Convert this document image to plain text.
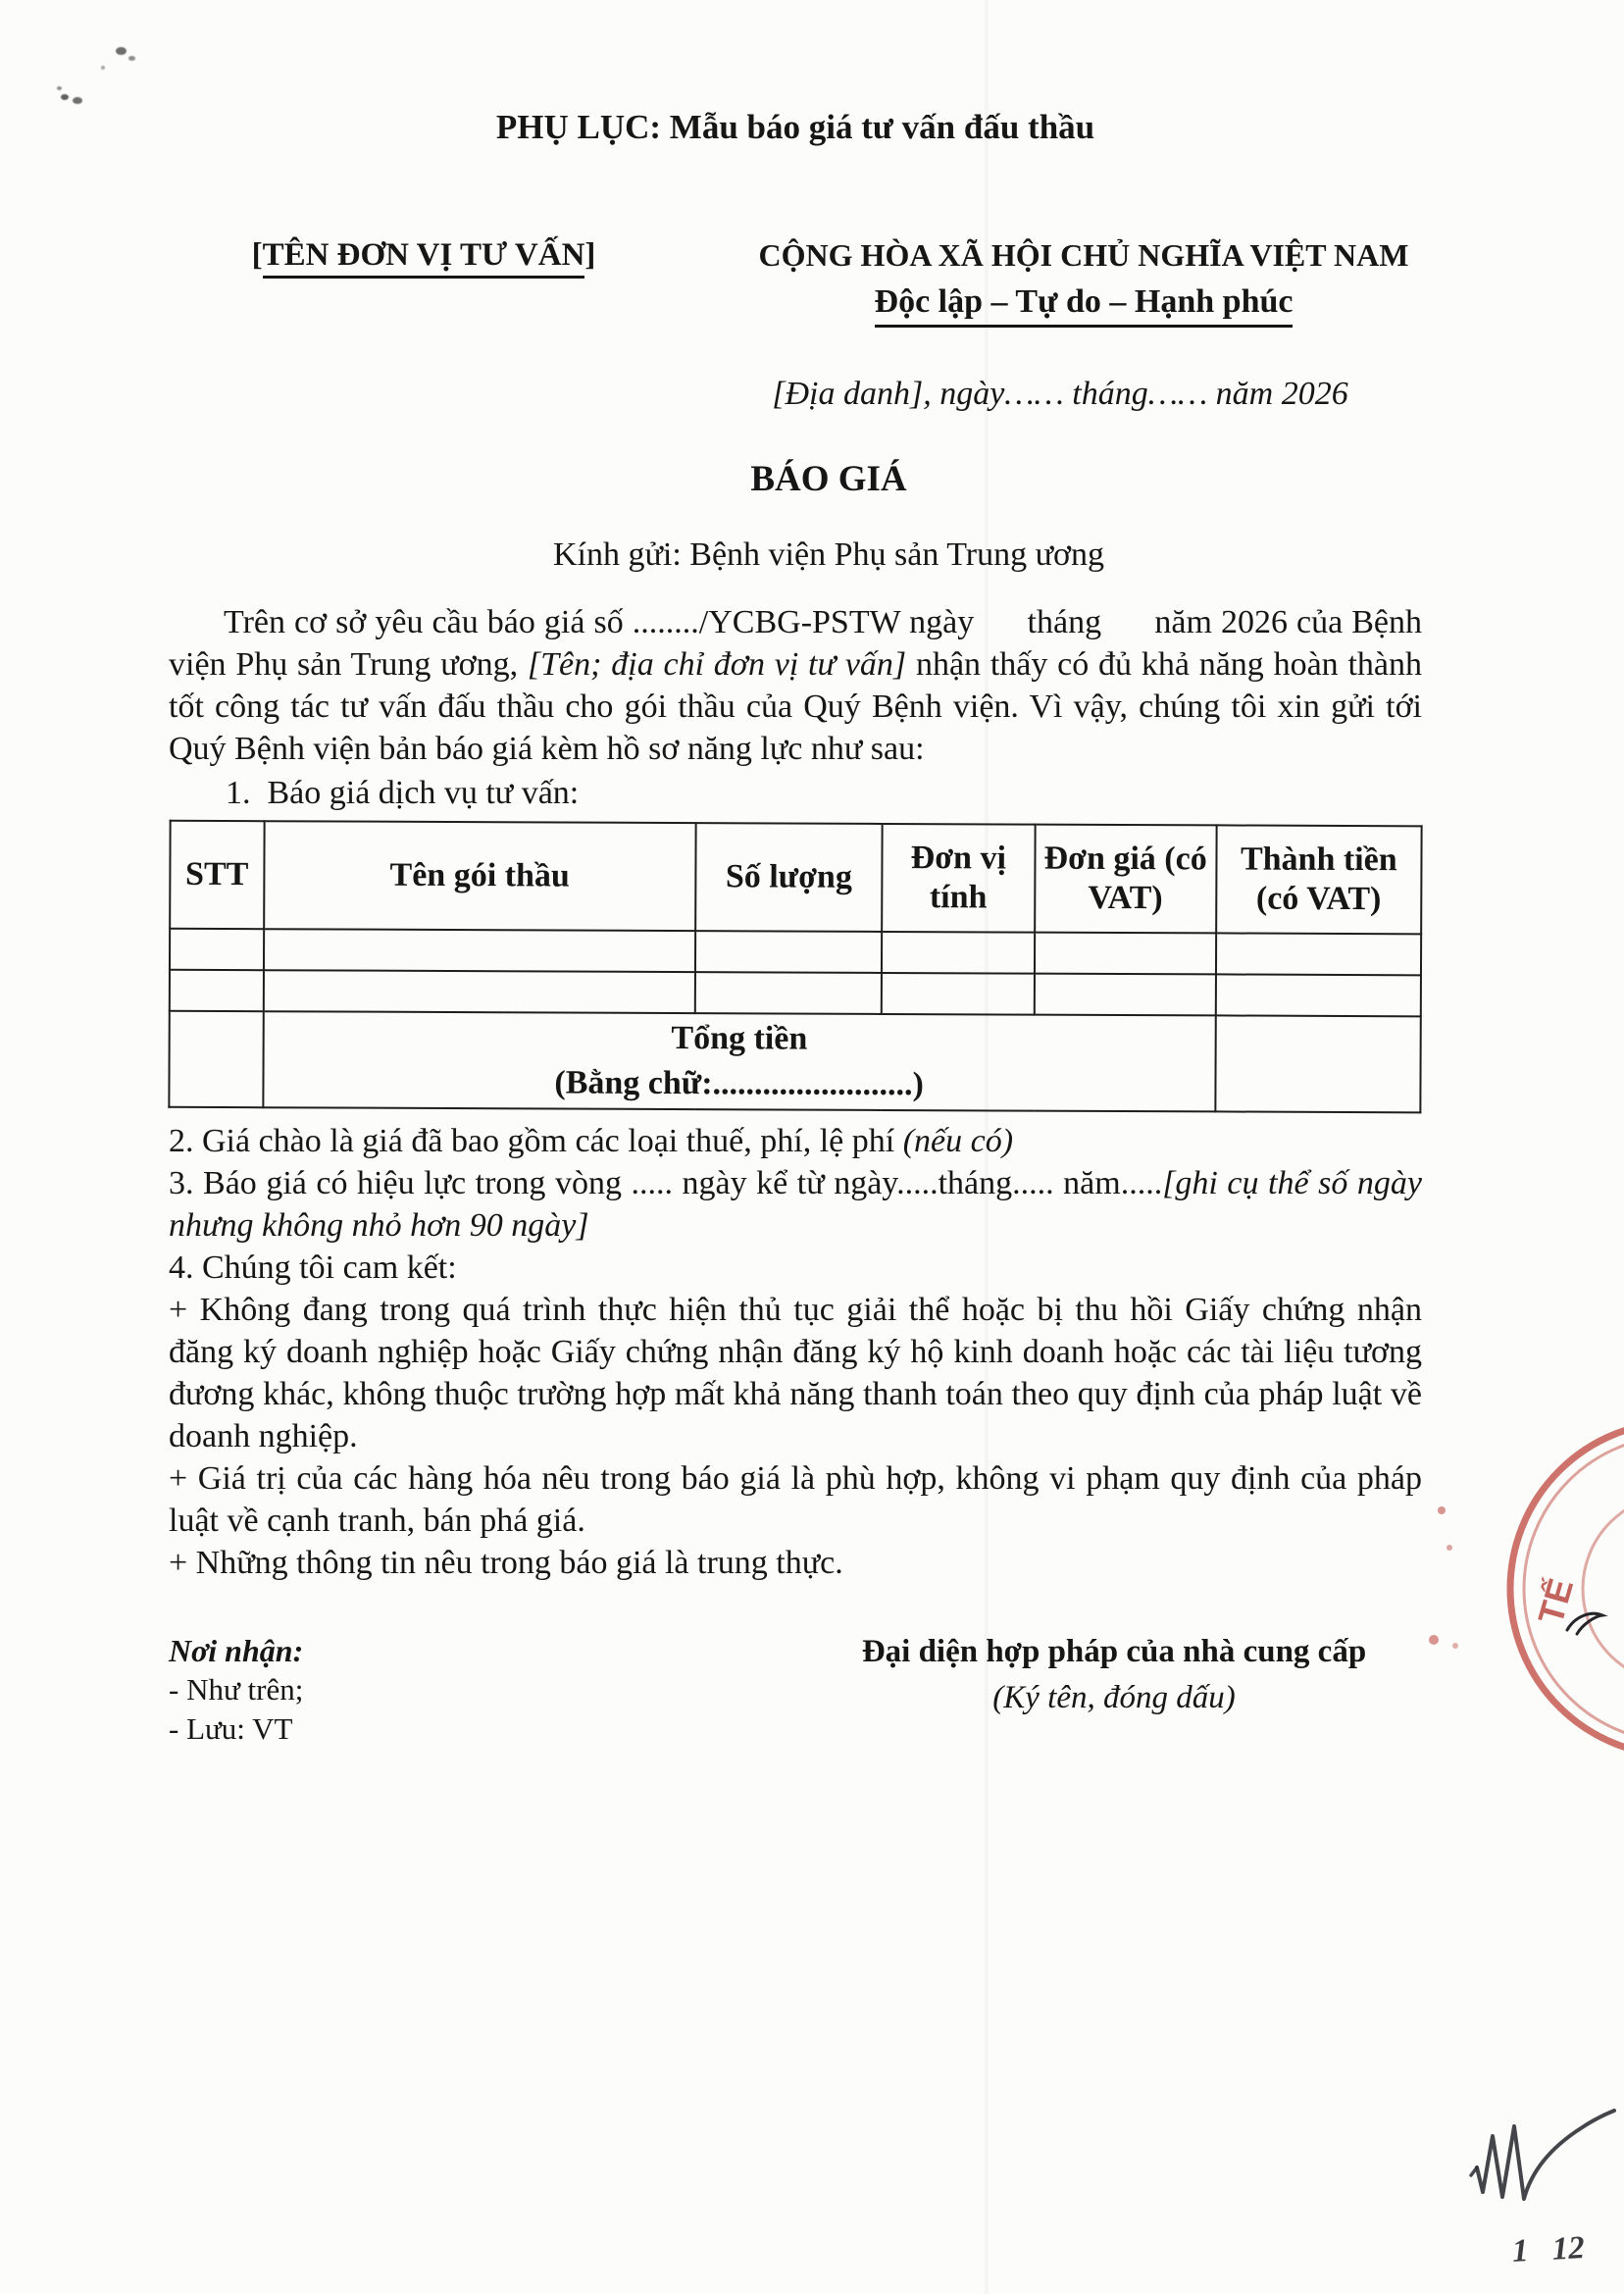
PHỤ LỤC: Mẫu báo giá tư vấn đấu thầu
[TÊN ĐƠN VỊ TƯ VẤN]	CỘNG HÒA XÃ HỘI CHỦ NGHĨA VIỆT NAM
Độc lập – Tự do – Hạnh phúc
[Địa danh], ngày…… tháng…… năm 2026
BÁO GIÁ
Kính gửi: Bệnh viện Phụ sản Trung ương

Trên cơ sở yêu cầu báo giá số ......../YCBG-PSTW ngày      tháng      năm 2026 của Bệnh viện Phụ sản Trung ương, [Tên; địa chỉ đơn vị tư vấn] nhận thấy có đủ khả năng hoàn thành tốt công tác tư vấn đấu thầu cho gói thầu của Quý Bệnh viện. Vì vậy, chúng tôi xin gửi tới Quý Bệnh viện bản báo giá kèm hồ sơ năng lực như sau:

1.  Báo giá dịch vụ tư vấn:

STT	Tên gói thầu	Số lượng	Đơn vị tính	Đơn giá (có VAT)	Thành tiền (có VAT)

	Tổng tiền
(Bằng chữ:........................)				

2. Giá chào là giá đã bao gồm các loại thuế, phí, lệ phí (nếu có)

3. Báo giá có hiệu lực trong vòng ..... ngày kể từ ngày.....tháng..... năm.....[ghi cụ thể số ngày nhưng không nhỏ hơn 90 ngày]

4. Chúng tôi cam kết:

+ Không đang trong quá trình thực hiện thủ tục giải thể hoặc bị thu hồi Giấy chứng nhận đăng ký doanh nghiệp hoặc Giấy chứng nhận đăng ký hộ kinh doanh hoặc các tài liệu tương đương khác, không thuộc trường hợp mất khả năng thanh toán theo quy định của pháp luật về doanh nghiệp.

+ Giá trị của các hàng hóa nêu trong báo giá là phù hợp, không vi phạm quy định của pháp luật về cạnh tranh, bán phá giá.

+ Những thông tin nêu trong báo giá là trung thực.

Nơi nhận:
- Như trên;
- Lưu: VT
Đại diện hợp pháp của nhà cung cấp
(Ký tên, đóng dấu)
TẾ
1 12
